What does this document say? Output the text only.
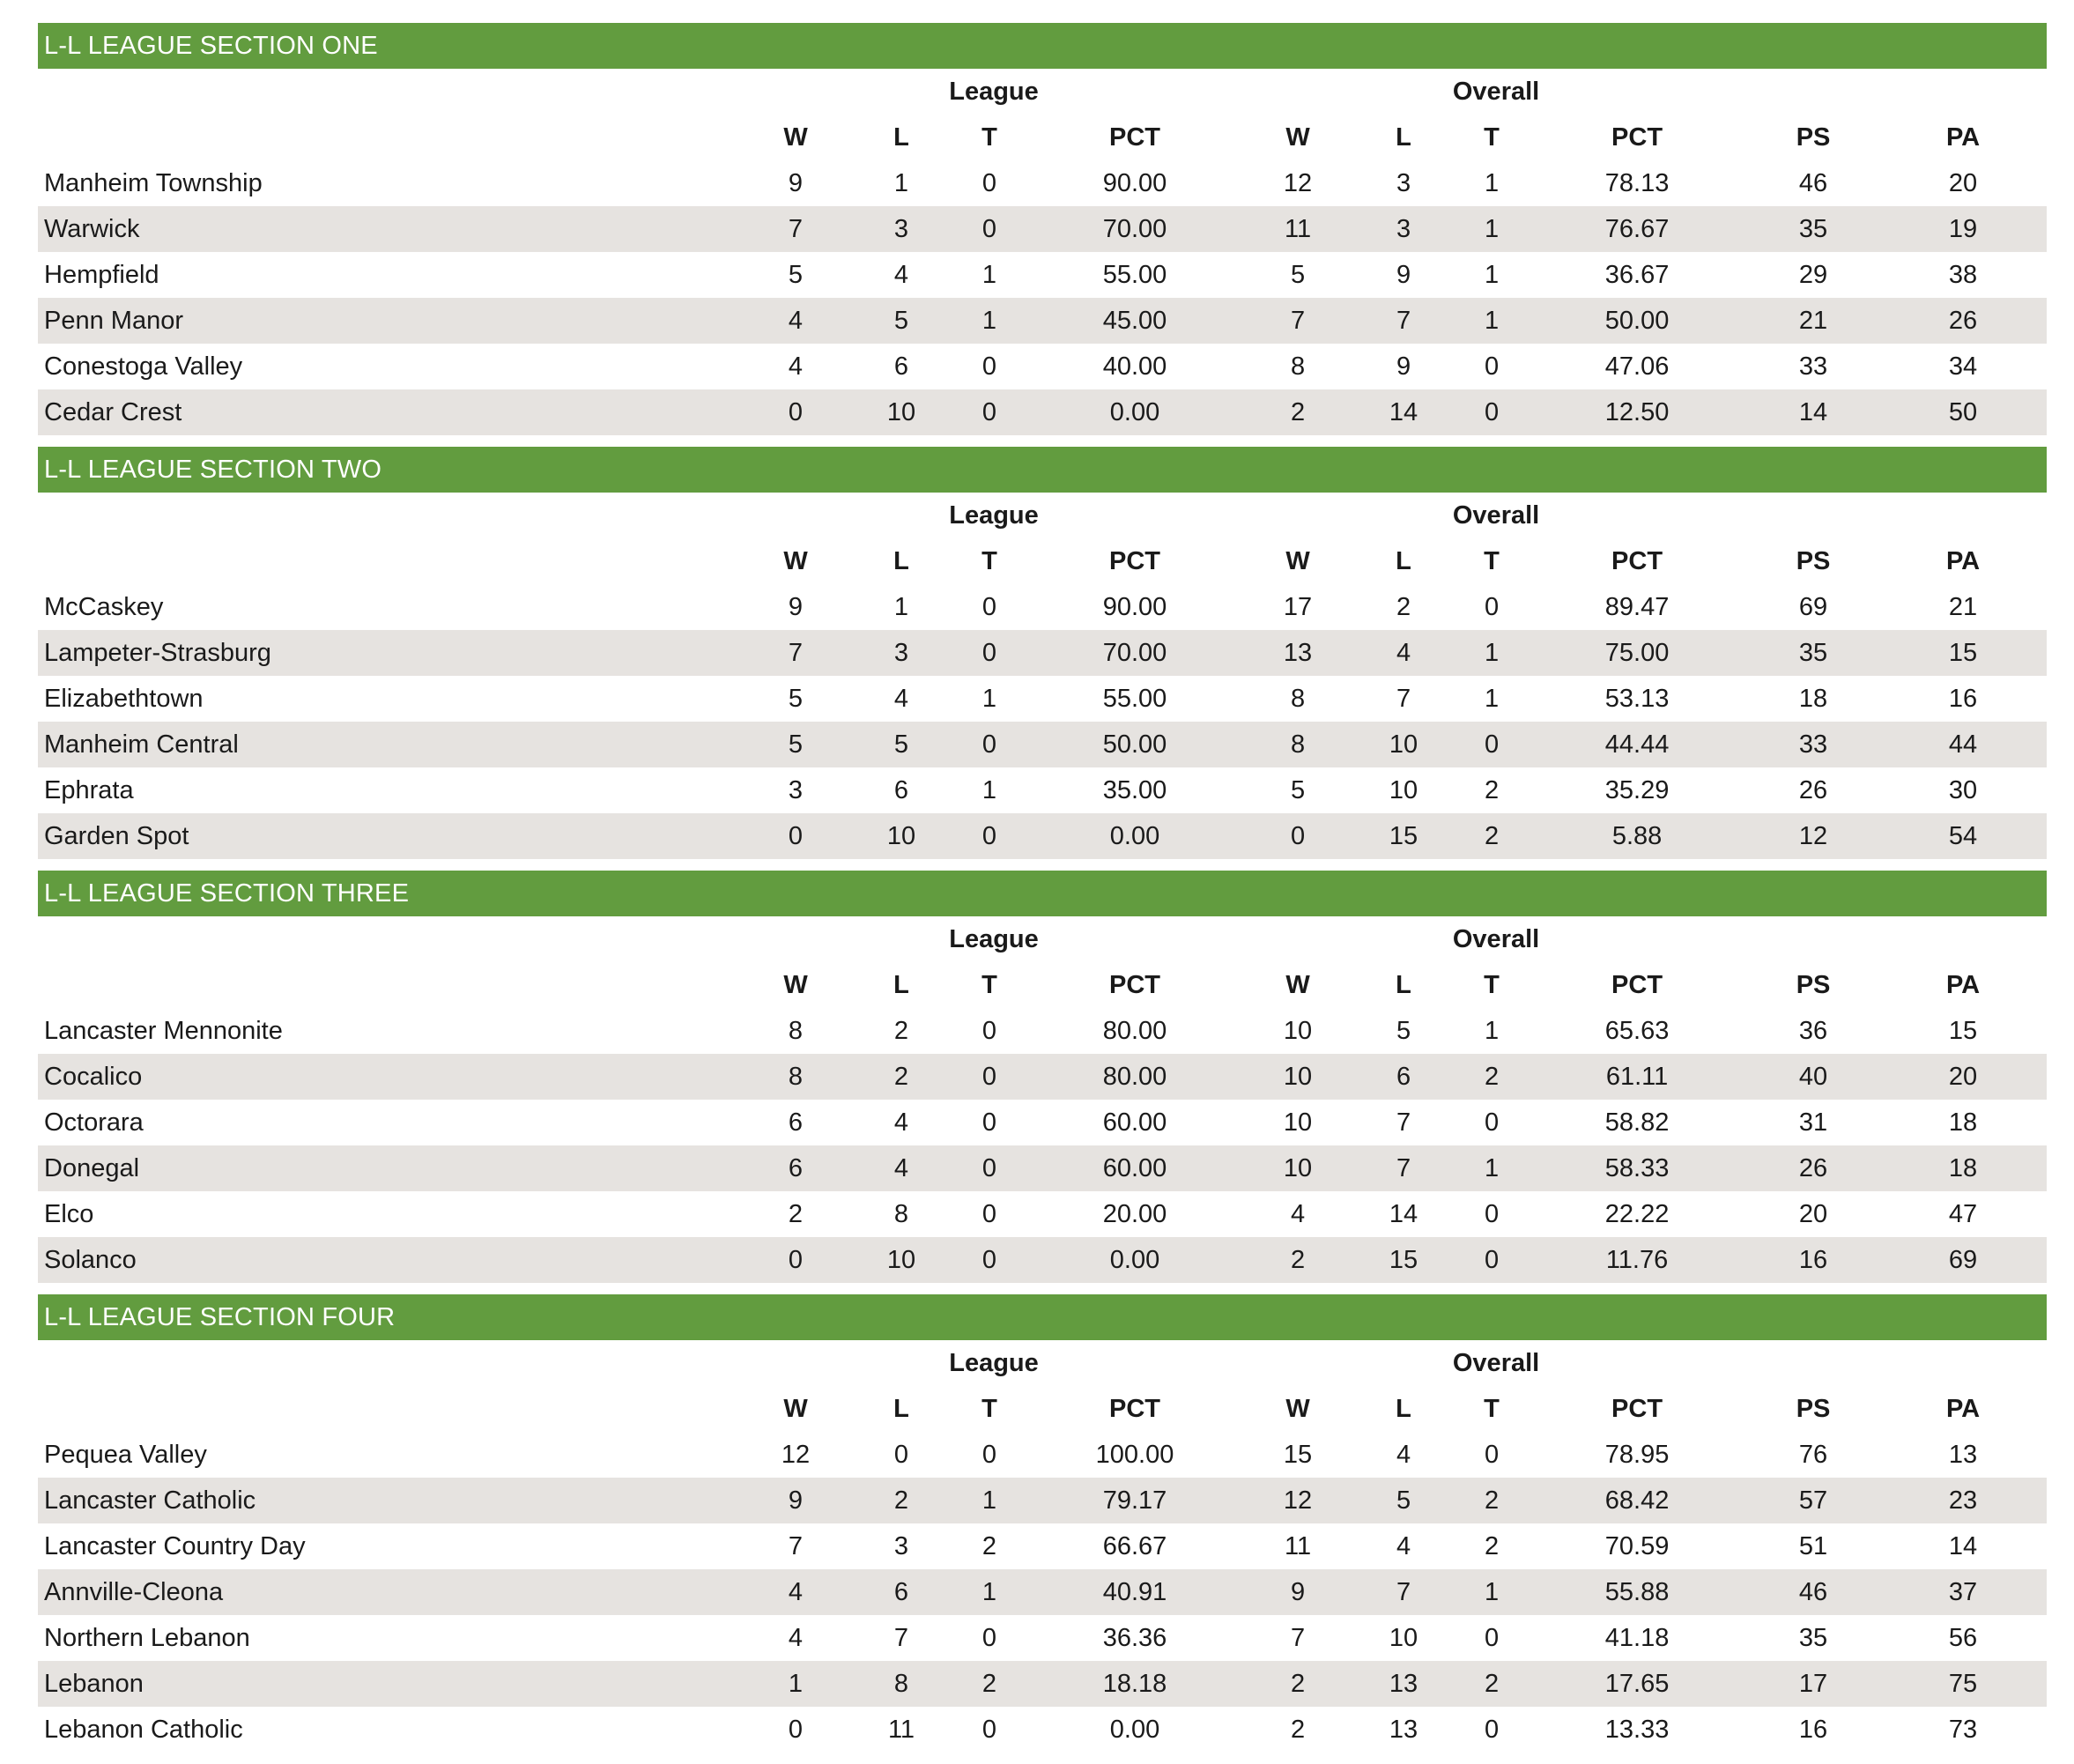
L-L LEAGUE SECTION ONE
	League				Overall					
	W	L	T	PCT	W	L	T	PCT	PS	PA
Manheim Township	9	1	0	90.00	12	3	1	78.13	46	20
Warwick	7	3	0	70.00	11	3	1	76.67	35	19
Hempfield	5	4	1	55.00	5	9	1	36.67	29	38
Penn Manor	4	5	1	45.00	7	7	1	50.00	21	26
Conestoga Valley	4	6	0	40.00	8	9	0	47.06	33	34
Cedar Crest	0	10	0	0.00	2	14	0	12.50	14	50
L-L LEAGUE SECTION TWO
	League				Overall					
	W	L	T	PCT	W	L	T	PCT	PS	PA
McCaskey	9	1	0	90.00	17	2	0	89.47	69	21
Lampeter-Strasburg	7	3	0	70.00	13	4	1	75.00	35	15
Elizabethtown	5	4	1	55.00	8	7	1	53.13	18	16
Manheim Central	5	5	0	50.00	8	10	0	44.44	33	44
Ephrata	3	6	1	35.00	5	10	2	35.29	26	30
Garden Spot	0	10	0	0.00	0	15	2	5.88	12	54
L-L LEAGUE SECTION THREE
	League				Overall					
	W	L	T	PCT	W	L	T	PCT	PS	PA
Lancaster Mennonite	8	2	0	80.00	10	5	1	65.63	36	15
Cocalico	8	2	0	80.00	10	6	2	61.11	40	20
Octorara	6	4	0	60.00	10	7	0	58.82	31	18
Donegal	6	4	0	60.00	10	7	1	58.33	26	18
Elco	2	8	0	20.00	4	14	0	22.22	20	47
Solanco	0	10	0	0.00	2	15	0	11.76	16	69
L-L LEAGUE SECTION FOUR
	League				Overall					
	W	L	T	PCT	W	L	T	PCT	PS	PA
Pequea Valley	12	0	0	100.00	15	4	0	78.95	76	13
Lancaster Catholic	9	2	1	79.17	12	5	2	68.42	57	23
Lancaster Country Day	7	3	2	66.67	11	4	2	70.59	51	14
Annville-Cleona	4	6	1	40.91	9	7	1	55.88	46	37
Northern Lebanon	4	7	0	36.36	7	10	0	41.18	35	56
Lebanon	1	8	2	18.18	2	13	2	17.65	17	75
Lebanon Catholic	0	11	0	0.00	2	13	0	13.33	16	73
